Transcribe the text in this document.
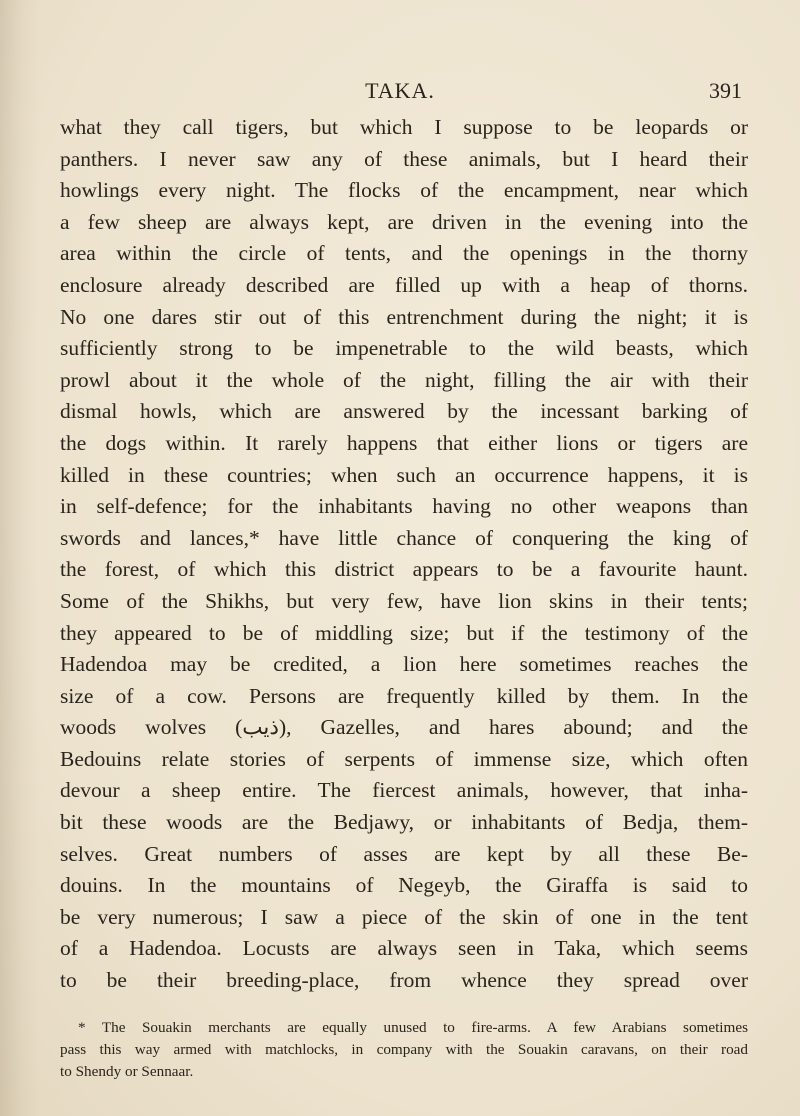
TAKA.	391
what they call tigers, but which I suppose to be leopards or
panthers. I never saw any of these animals, but I heard their
howlings every night. The flocks of the encampment, near which
a few sheep are always kept, are driven in the evening into the
area within the circle of tents, and the openings in the thorny
enclosure already described are filled up with a heap of thorns.
No one dares stir out of this entrenchment during the night; it is
sufficiently strong to be impenetrable to the wild beasts, which
prowl about it the whole of the night, filling the air with their
dismal howls, which are answered by the incessant barking of
the dogs within. It rarely happens that either lions or tigers are
killed in these countries; when such an occurrence happens, it is
in self-defence; for the inhabitants having no other weapons than
swords and lances,* have little chance of conquering the king of
the forest, of which this district appears to be a favourite haunt.
Some of the Shikhs, but very few, have lion skins in their tents;
they appeared to be of middling size; but if the testimony of the
Hadendoa may be credited, a lion here sometimes reaches the
size of a cow. Persons are frequently killed by them. In the
woods wolves (ذيب), Gazelles, and hares abound; and the
Bedouins relate stories of serpents of immense size, which often
devour a sheep entire. The fiercest animals, however, that inha-
bit these woods are the Bedjawy, or inhabitants of Bedja, them-
selves. Great numbers of asses are kept by all these Be-
douins. In the mountains of Negeyb, the Giraffa is said to
be very numerous; I saw a piece of the skin of one in the tent
of a Hadendoa. Locusts are always seen in Taka, which seems
to be their breeding-place, from whence they spread over
* The Souakin merchants are equally unused to fire-arms. A few Arabians sometimes
pass this way armed with matchlocks, in company with the Souakin caravans, on their road
to Shendy or Sennaar.
